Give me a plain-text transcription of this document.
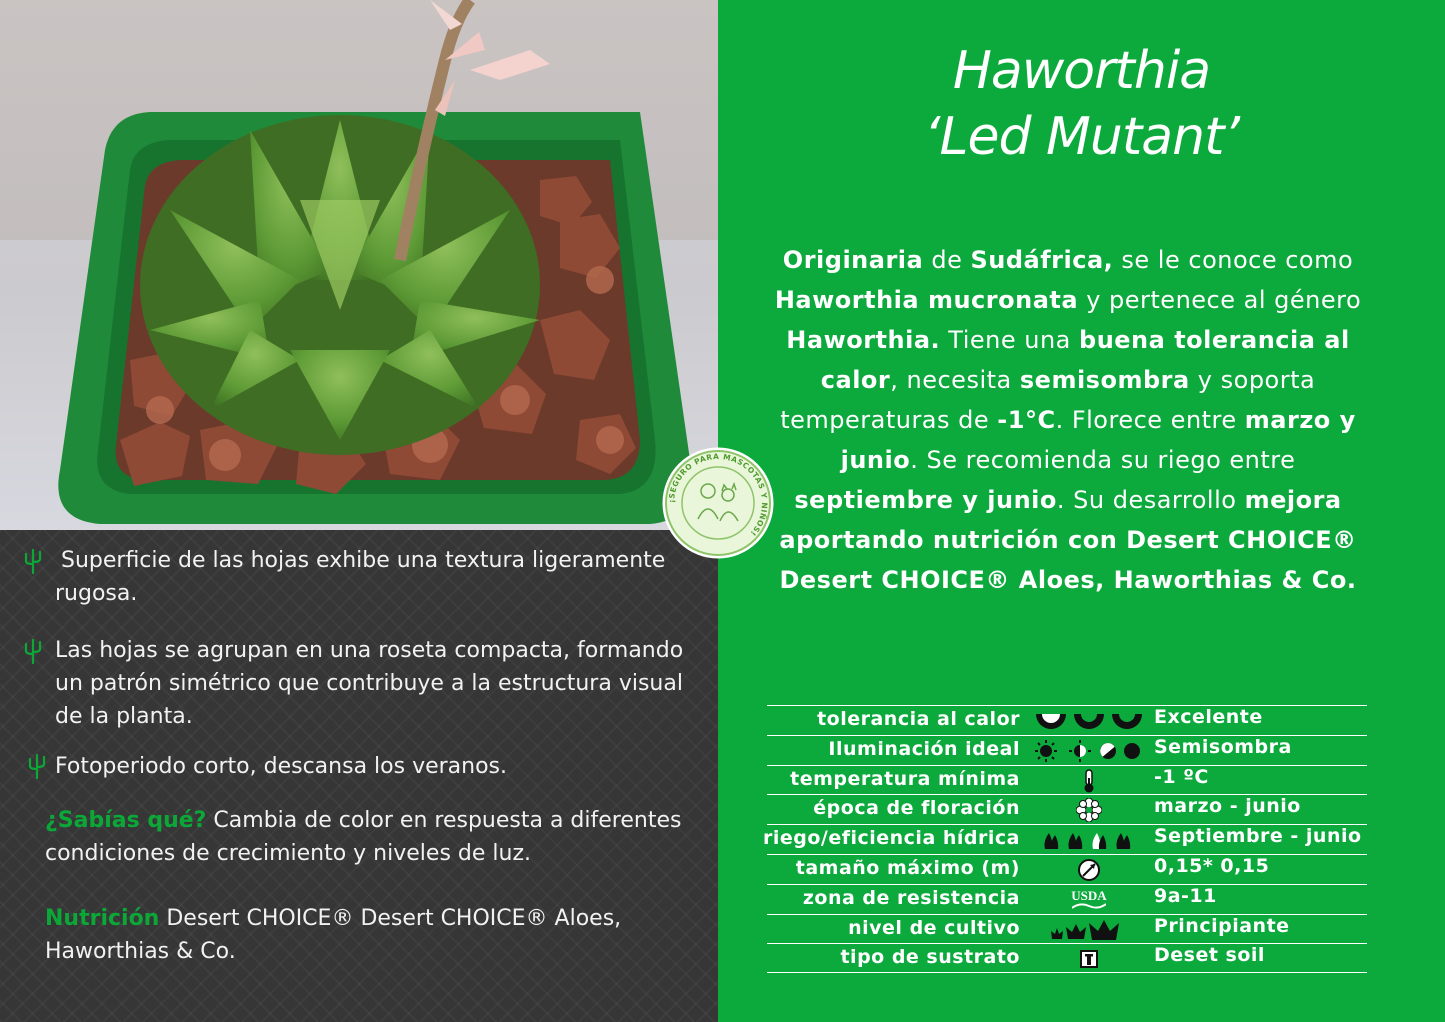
Superficie de las hojas exhibe una textura ligeramente rugosa.
Las hojas se agrupan en una roseta compacta, formando un patrón simétrico que contribuye a la estructura visual de la planta.
Fotoperiodo corto, descansa los veranos.
¿Sabías qué? Cambia de color en respuesta a diferentes condiciones de crecimiento y niveles de luz.
Nutrición Desert CHOICE® Desert CHOICE® Aloes, Haworthias & Co.
Haworthia
‘Led Mutant’
Originaria de Sudáfrica, se le conoce como Haworthia mucronata y pertenece al género Haworthia. Tiene una buena tolerancia al calor, necesita semisombra y soporta temperaturas de -1°C. Florece entre marzo y junio. Se recomienda su riego entre septiembre y junio. Su desarrollo mejora aportando nutrición con Desert CHOICE® Desert CHOICE® Aloes, Haworthias & Co.
tolerancia al calor	Excelente
Iluminación ideal	Semisombra
temperatura mínima	-1 ºC
época de floración	marzo - junio
riego/eficiencia hídrica	Septiembre - junio
tamaño máximo (m)	0,15* 0,15
zona de resistencia	USDA 9a-11
nivel de cultivo	Principiante
tipo de sustrato	Deset soil
¡SEGURO PARA MASCOTAS Y NIÑOS!
